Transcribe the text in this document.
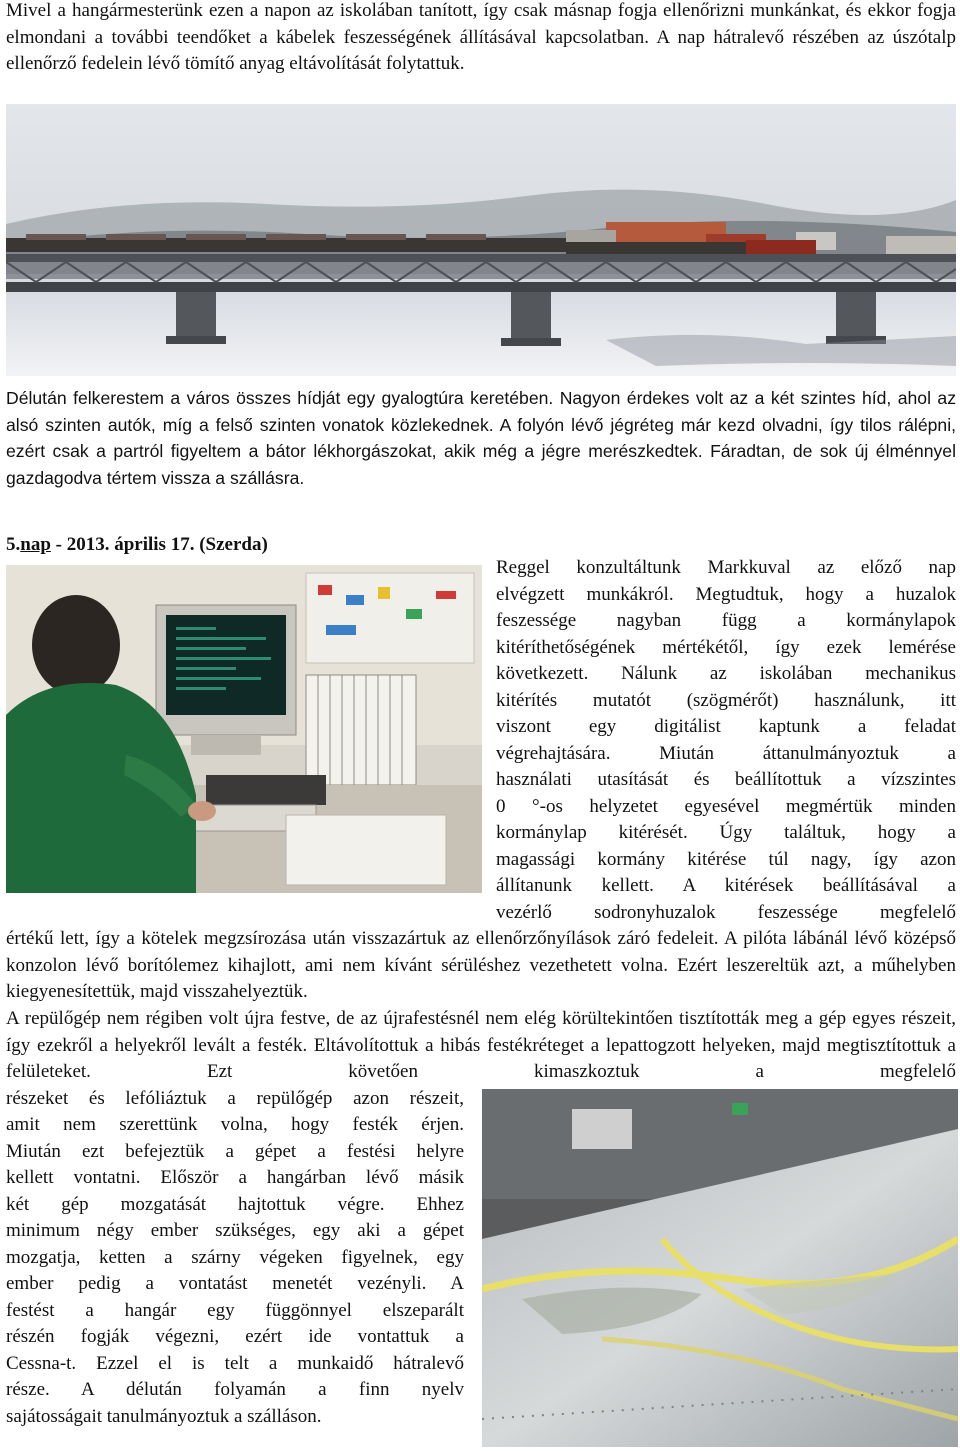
Mivel a hangármesterünk ezen a napon az iskolában tanított, így csak másnap fogja ellenőrizni munkánkat, és ekkor fogja elmondani a további teendőket a kábelek feszességének állításával kapcsolatban. A nap hátralevő részében az úszótalp ellenőrző fedelein lévő tömítő anyag eltávolítását folytattuk.
Délután felkerestem a város összes hídját egy gyalogtúra keretében. Nagyon érdekes volt az a két szintes híd, ahol az alsó szinten autók, míg a felső szinten vonatok közlekednek. A folyón lévő jégréteg már kezd olvadni, így tilos rálépni, ezért csak a partról figyeltem a bátor lékhorgászokat, akik még a jégre merészkedtek. Fáradtan, de sok új élménnyel gazdagodva tértem vissza a szállásra.
5.nap - 2013. április 17. (Szerda)
Reggel konzultáltunk Markkuval az előző nap
elvégzett munkákról. Megtudtuk, hogy a huzalok
feszessége nagyban függ a kormánylapok
kitéríthetőségének mértékétől, így ezek lemérése
következett. Nálunk az iskolában mechanikus
kitérítés mutatót (szögmérőt) használunk, itt
viszont egy digitálist kaptunk a feladat
végrehajtására. Miután áttanulmányoztuk a
használati utasítását és beállítottuk a vízszintes
0 °-os helyzetet egyesével megmértük minden
kormánylap kitérését. Úgy találtuk, hogy a
magassági kormány kitérése túl nagy, így azon
állítanunk kellett. A kitérések beállításával a
vezérlő sodronyhuzalok feszessége megfelelő
értékű lett, így a kötelek megzsírozása után visszazártuk az ellenőrzőnyílások záró fedeleit. A pilóta lábánál lévő középső konzolon lévő borítólemez kihajlott, ami nem kívánt sérüléshez vezethetett volna. Ezért leszereltük azt, a műhelyben kiegyenesítettük, majd visszahelyeztük.
A repülőgép nem régiben volt újra festve, de az újrafestésnél nem elég körültekintően tisztították meg a gép egyes részeit, így ezekről a helyekről levált a festék. Eltávolítottuk a hibás festékréteget a lepattogzott helyeken, majd megtisztítottuk a felületeket. Ezt követően kimaszkoztuk a megfelelő
részeket és lefóliáztuk a repülőgép azon részeit,
amit nem szerettünk volna, hogy festék érjen.
Miután ezt befejeztük a gépet a festési helyre
kellett vontatni. Először a hangárban lévő másik
két gép mozgatását hajtottuk végre. Ehhez
minimum négy ember szükséges, egy aki a gépet
mozgatja, ketten a szárny végeken figyelnek, egy
ember pedig a vontatást menetét vezényli. A
festést a hangár egy függönnyel elszeparált
részén fogják végezni, ezért ide vontattuk a
Cessna-t. Ezzel el is telt a munkaidő hátralevő
része. A délután folyamán a finn nyelv
sajátosságait tanulmányoztuk a szálláson.
